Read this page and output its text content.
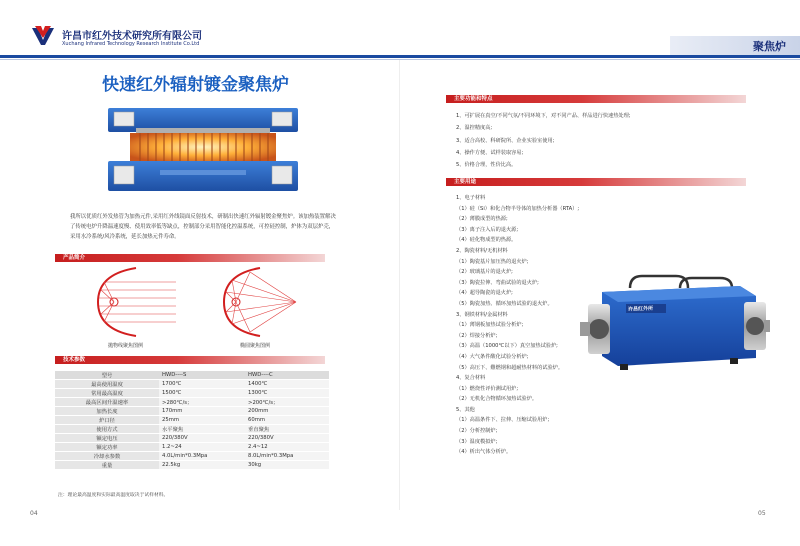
许昌市红外技术研究所有限公司
Xuchang Infrared Technology Research Institute Co.Ltd	聚焦炉
快速红外辐射镀金聚焦炉
我所以优质红外发热管为加热元件,采用红外线镜面反射技术，研制出快速红外辐射镀金聚焦炉。该加热装置解决了传统电炉升降温速度慢、使用效率低等缺点，控制部分采用智能化控温系统，可控硅控制，炉体为双层炉壳，采用水冷系统/风冷系统，延长加热元件寿命。
产品简介
抛物线聚焦图例	椭圆聚焦图例
技术参数
型号	HWD----S	HWD----C
最高使用温度	1700℃	1400℃
常用最高温度	1500℃	1300℃
最高区间升温速率	>280℃/s；	>200℃/s；
加热长度	170mm	200mm
炉口径	25mm	60mm
使用方式	水平聚焦	垂直聚焦
额定电压	220/380V	220/380V
额定功率	1.2~24	2.4~12
冷却水参数	4.0L/min*0.3Mpa	8.0L/min*0.3Mpa
重量	22.5kg	30kg
注：理论最高温度和实际最高温度取决于试样材料。
04
主要功能和特点
1、可扩展在真空/不同气氛/不同环境下，对不同产品、样品进行快速热处理;
2、温控精度高;
3、适合高校、科研院所、企业实验室使用;
4、操作方便、试样装取容易;
5、价格合理，性价比高。
主要用途
1、电子材料
（1）硅（Si）和化合物半导体的加热分析器（RTA）;
（2）薄膜成型的热源;
（3）离子注入后的退火源;
（4）硅化物成型的热源。
2、陶瓷材料/无机材料
（1）陶瓷基片加压热的退火炉;
（2）玻璃基片的退火炉;
（3）陶瓷拉伸、弯曲试验的退火炉;
（4）超导陶瓷的退火炉;
（5）陶瓷加热、循环加热试验的退火炉。
3、钢铁材料/金属材料
（1）薄钢板加热试验分析炉;
（2）焊接分析炉;
（3）高温（1000℃以下）真空加热试验炉;
（4）大气条件酸化试验分析炉;
（5）高压下、難燃钢和超耐热材料的试验炉。
4、复合材料
（1）燃烧性评价测试用炉;
（2）无机化合物循环加热试验炉。
5、其他
（1）高温条件下、拉伸、压缩试验用炉;
（2）分析控制炉;
（3）温度模拟炉;
（4）析出气体分析炉。
许昌红外所
05
